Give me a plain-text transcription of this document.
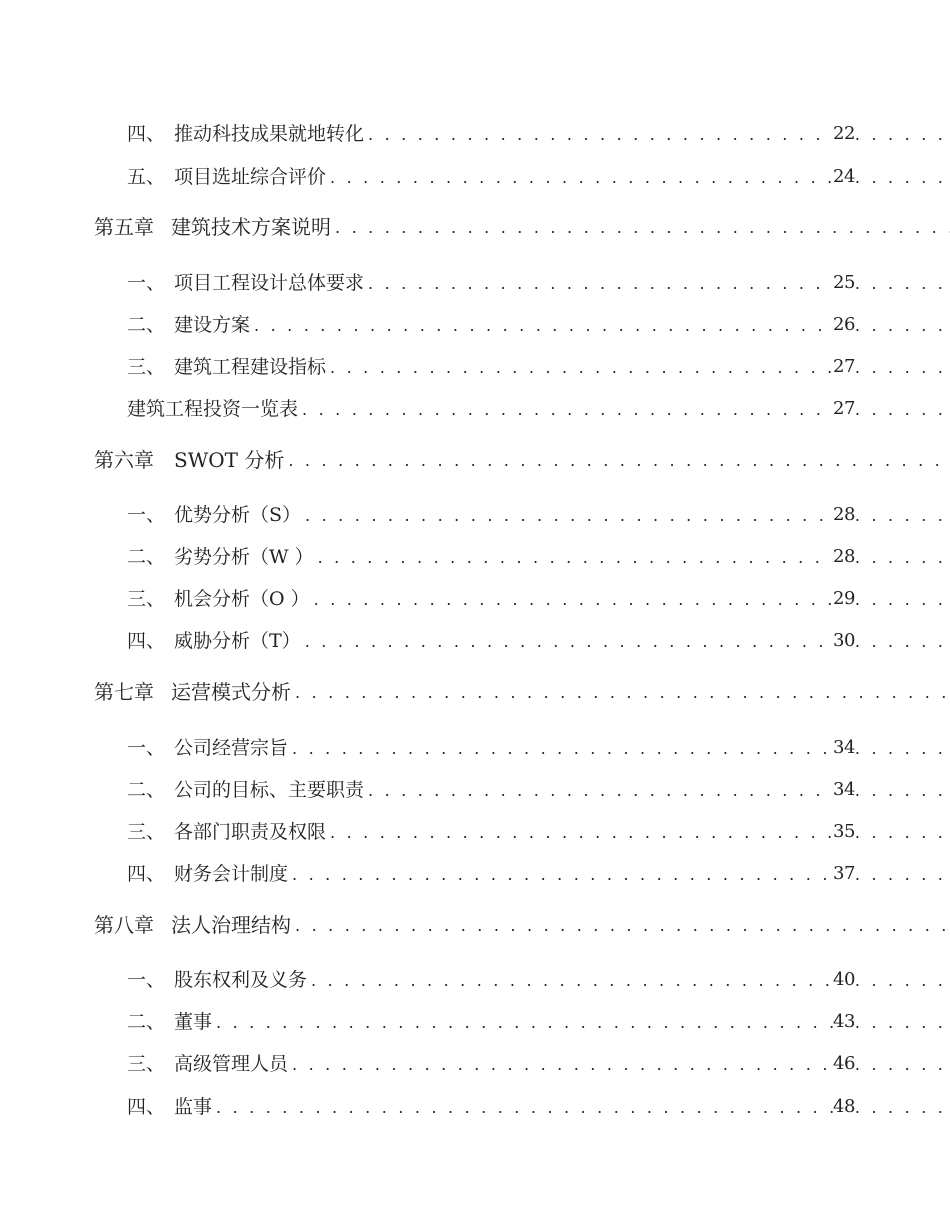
四、 推动科技成果就地转化 . . .	22
. . .
五、 项目选址综合评价 . . .	24
. . .
第五章 建筑技术方案说明
. . .
一、 项目工程设计总体要求 . . .	25
. . .
二、 建设方案 . . .	26
. . .
三、 建筑工程建设指标 . . .	27
. . .
建筑工程投资一览表 . . .	27
. . .
第六章	SWOT 分析
. . .
一、 优势分析（S） . . .	28
. . .
二、 劣势分析（W ） . . .	28
. . .
三、 机会分析（O ） . . .	29
. . .
四、 威胁分析（T） . . .	30
. . .
第七章 运营模式分析
. . .
一、 公司经营宗旨 . . .	34
. . .
二、 公司的目标、主要职责 . . .	34
. . .
三、 各部门职责及权限 . . .	35
. . .
四、 财务会计制度 . . .	37
. . .
第八章 法人治理结构
. . .
一、 股东权利及义务 . . .	40
. . .
二、 董事 . . .	43
. . .
三、 高级管理人员 . . .	46
. . .
四、 监事 . . .	48
. . .
